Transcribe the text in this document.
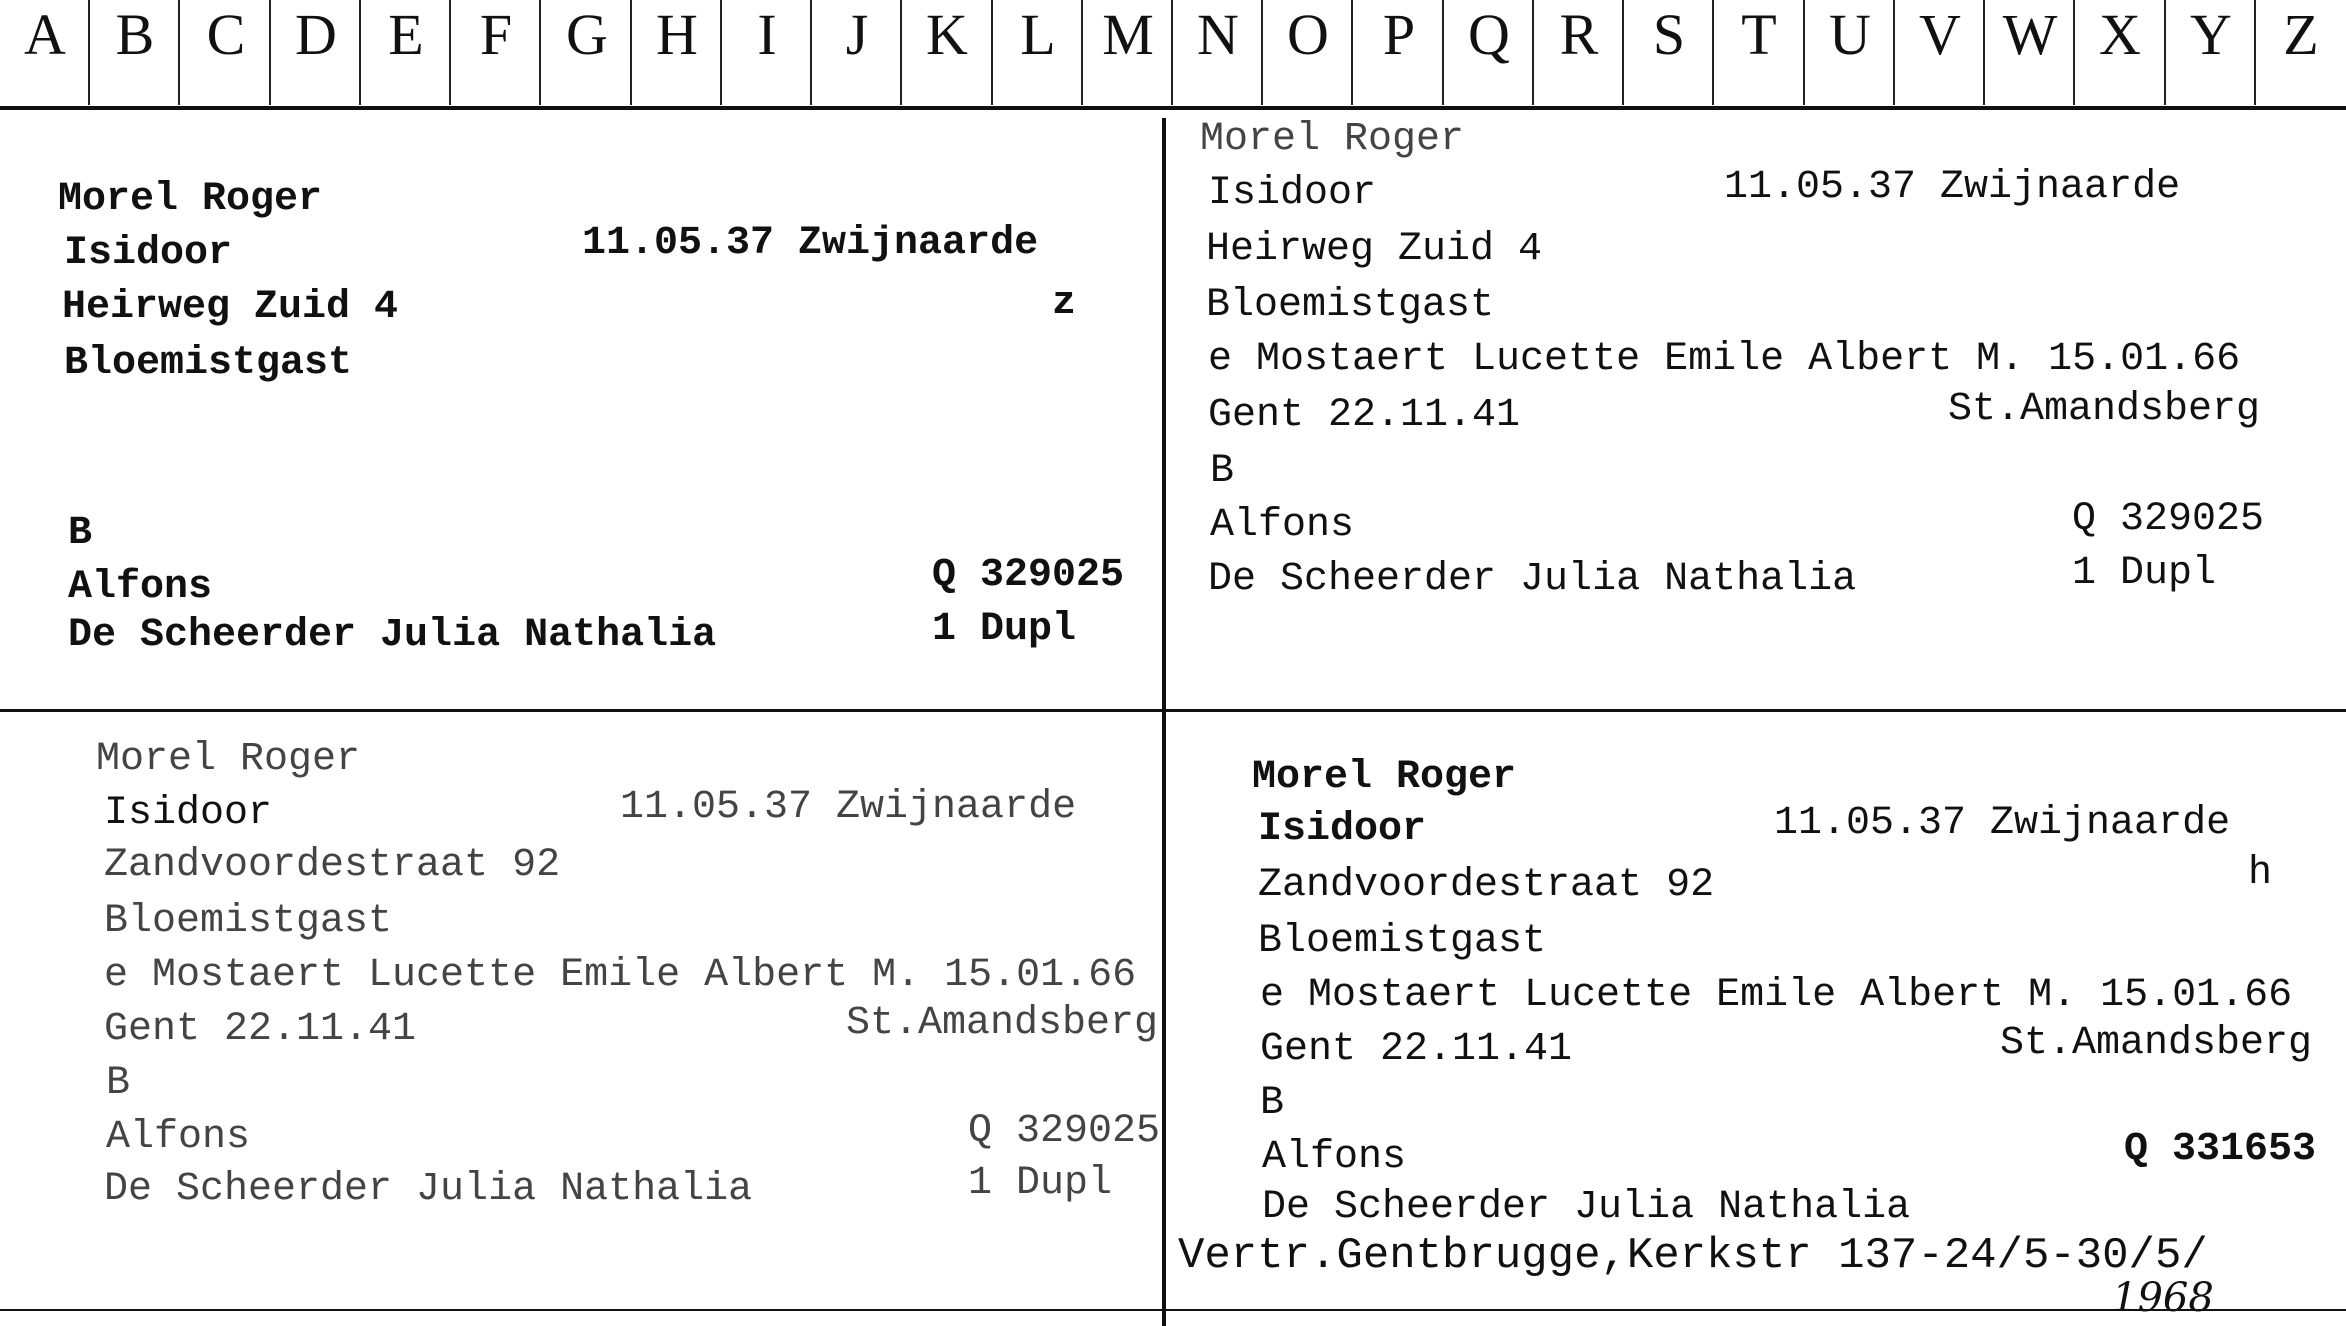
A B C D E F G H	I	J K L M N O P Q R S T U V W X Y Z
Morel Roger
Isidoor	11.05.37 Zwijnaarde
Heirweg Zuid 4	z
Bloemistgast
B
Alfons	Q 329025
De Scheerder Julia Nathalia	1 Dupl
Morel Roger
Isidoor	11.05.37 Zwijnaarde
Heirweg Zuid 4
Bloemistgast
e Mostaert Lucette Emile Albert M. 15.01.66
Gent 22.11.41	St.Amandsberg
B
Alfons	Q 329025
De Scheerder Julia Nathalia	1 Dupl
Morel Roger
Isidoor	11.05.37 Zwijnaarde
Zandvoordestraat 92
Bloemistgast
e Mostaert Lucette Emile Albert M. 15.01.66
Gent 22.11.41	St.Amandsberg
B
Alfons	Q 329025
De Scheerder Julia Nathalia	1 Dupl
Morel Roger
Isidoor	11.05.37 Zwijnaarde
h
Zandvoordestraat 92
Bloemistgast
e Mostaert Lucette Emile Albert M. 15.01.66
Gent 22.11.41	St.Amandsberg
B
Alfons	Q 331653
De Scheerder Julia Nathalia
Vertr.Gentbrugge,Kerkstr 137-24/5-30/5/
1968
